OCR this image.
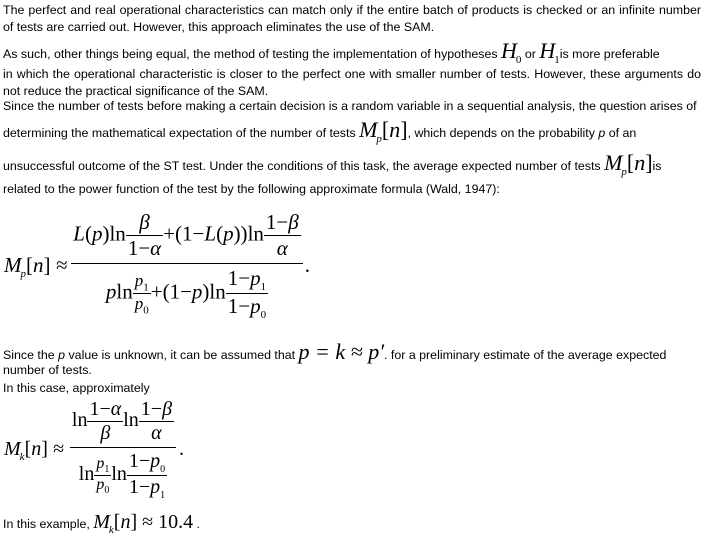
The perfect and real operational characteristics can match only if the entire batch of products is checked or an infinite number of tests are carried out. However, this approach eliminates the use of the SAM.
As such, other things being equal, the method of testing the implementation of hypotheses $H_0$ or $H_1is$ more preferable
in which the operational characteristic is closer to the perfect one with smaller number of tests. However, these arguments do not reduce the practical significance of the SAM.
Since the number of tests before making a certain decision is a random variable in a sequential analysis, the question arises of
determining the mathematical expectation of the number of tests $M_p[n]$, which depends on the probability p of an
unsuccessful outcome of the ST test. Under the conditions of this task, the average expected number of tests $M_p[n]is$
related to the power function of the test by the following approximate formula (Wald, 1947):
$M_p[n] \approx \frac{L(p)\ln \frac{\beta}{1-\alpha} +(1-L(p))\ln \frac{1-\beta}{\alpha}}{pln \frac{p_1}{p_0} +(1-p)\ln \frac{1-p_1}{1-p_0}}$ .
Since the p value is unknown, it can be assumed that p = k ≈ p′. for a preliminary estimate of the average expected
number of tests.
In this case, approximately
$M_k[n] \approx \frac{\ln \frac{1-\alpha}{\beta} \ln \frac{1-\beta}{\alpha}}{\ln \frac{p_1}{p_0} \ln \frac{1-p_0}{1-p_1}}$ .
In this example, $M_k[n] \approx 10.4$ .
